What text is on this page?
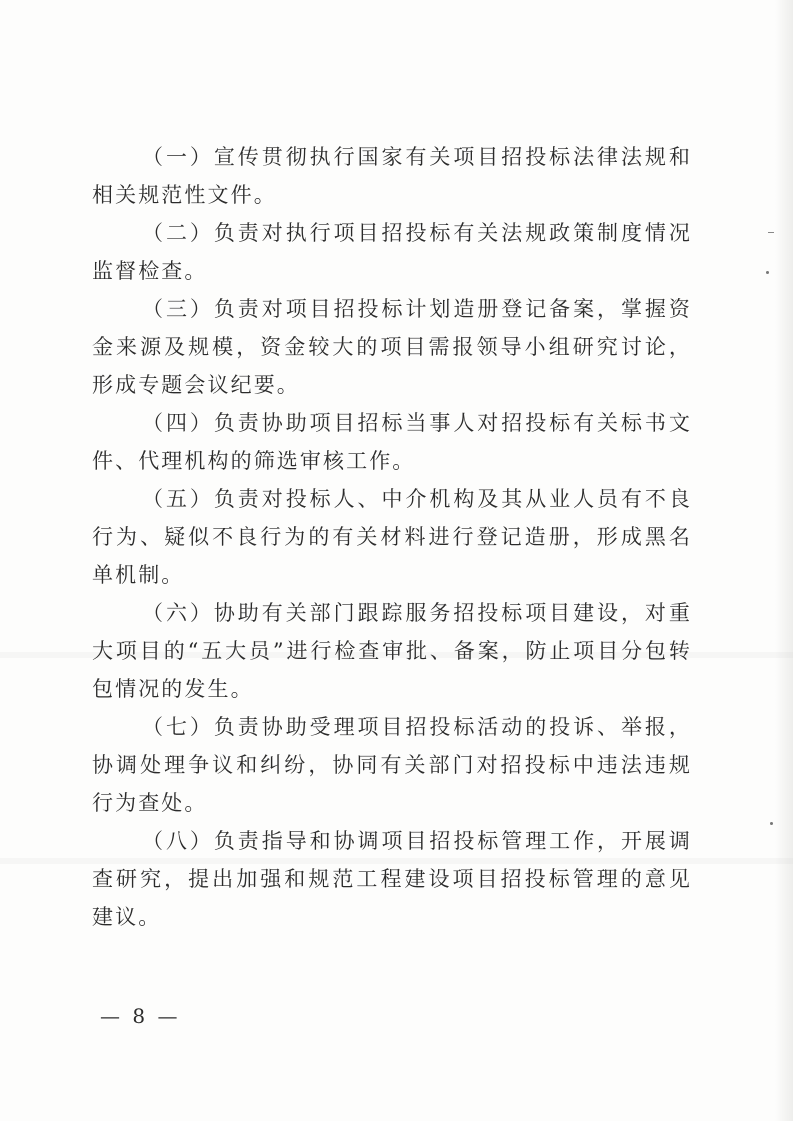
（一）宣传贯彻执行国家有关项目招投标法律法规和相关规范性文件。

（二）负责对执行项目招投标有关法规政策制度情况监督检查。

（三）负责对项目招投标计划造册登记备案，掌握资金来源及规模，资金较大的项目需报领导小组研究讨论，形成专题会议纪要。

（四）负责协助项目招标当事人对招投标有关标书文件、代理机构的筛选审核工作。

（五）负责对投标人、中介机构及其从业人员有不良行为、疑似不良行为的有关材料进行登记造册，形成黑名单机制。

（六）协助有关部门跟踪服务招投标项目建设，对重大项目的“五大员”进行检查审批、备案，防止项目分包转包情况的发生。

（七）负责协助受理项目招投标活动的投诉、举报，协调处理争议和纠纷，协同有关部门对招投标中违法违规行为查处。

（八）负责指导和协调项目招投标管理工作，开展调查研究，提出加强和规范工程建设项目招投标管理的意见建议。

— 8 —
